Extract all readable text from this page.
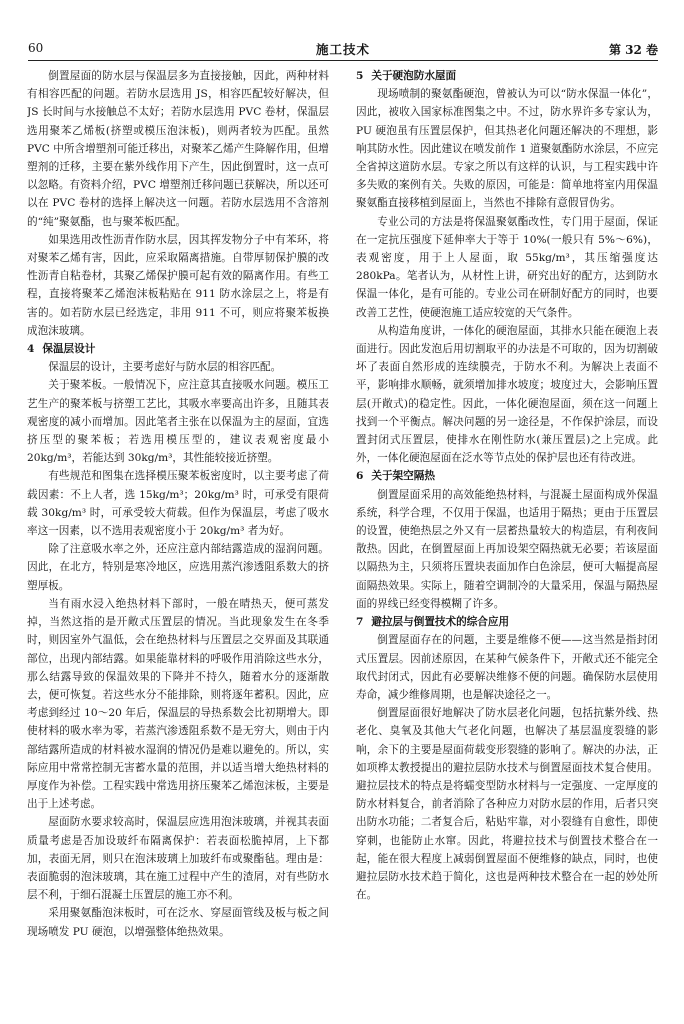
60	施工技术	第 32 卷

倒置屋面的防水层与保温层多为直接接触，因此，两种材料有相容匹配的问题。若防水层选用 JS，相容匹配较好解决，但 JS 长时间与水接触总不太好；若防水层选用 PVC 卷材，保温层选用聚苯乙烯板(挤塑或模压泡沫板)，则两者较为匹配。虽然 PVC 中所含增塑剂可能迁移出，对聚苯乙烯产生降解作用，但增塑剂的迁移，主要在紫外线作用下产生，因此倒置时，这一点可以忽略。有资料介绍，PVC 增塑剂迁移问题已获解决，所以还可以在 PVC 卷材的选择上解决这一问题。若防水层选用不含溶剂的“纯”聚氨酯，也与聚苯板匹配。

如果选用改性沥青作防水层，因其挥发物分子中有苯环，将对聚苯乙烯有害，因此，应采取隔离措施。自带厚韧保护膜的改性沥青自粘卷材，其聚乙烯保护膜可起有效的隔离作用。有些工程，直接将聚苯乙烯泡沫板粘贴在 911 防水涂层之上，将是有害的。如若防水层已经选定，非用 911 不可，则应将聚苯板换成泡沫玻璃。

4 保温层设计

保温层的设计，主要考虑好与防水层的相容匹配。

关于聚苯板。一般情况下，应注意其直接吸水问题。模压工艺生产的聚苯板与挤塑工艺比，其吸水率要高出许多，且随其表观密度的减小而增加。因此笔者主张在以保温为主的屋面，宜选挤压型的聚苯板；若选用模压型的，建议表观密度最小 20kg/m³，若能达到 30kg/m³，其性能较接近挤塑。

有些规范和图集在选择模压聚苯板密度时，以主要考虑了荷载因素：不上人者，选 15kg/m³；20kg/m³ 时，可承受有限荷载 30kg/m³ 时，可承受较大荷载。但作为保温层，考虑了吸水率这一因素，以不选用表观密度小于 20kg/m³ 者为好。

除了注意吸水率之外，还应注意内部结露造成的湿润问题。因此，在北方，特别是寒冷地区，应选用蒸汽渗透阻系数大的挤塑厚板。

当有雨水浸入绝热材料下部时，一般在晴热天，便可蒸发掉，当然这指的是开敞式压置层的情况。当此现象发生在冬季时，则因室外气温低，会在绝热材料与压置层之交界面及其联通部位，出现内部结露。如果能靠材料的呼吸作用消除这些水分，那么结露导致的保温效果的下降并不持久，随着水分的逐渐散去，便可恢复。若这些水分不能排除，则将逐年蓄积。因此，应考虑到经过 10～20 年后，保温层的导热系数会比初期增大。即使材料的吸水率为零，若蒸汽渗透阻系数不是无穷大，则由于内部结露所造成的材料被水湿润的情况仍是难以避免的。所以，实际应用中常常控制无害蓄水量的范围，并以适当增大绝热材料的厚度作为补偿。工程实践中常选用挤压聚苯乙烯泡沫板，主要是出于上述考虑。

屋面防水要求较高时，保温层应选用泡沫玻璃，并视其表面质量考虑是否加设玻纤布隔离保护：若表面松脆掉屑，上下都加，表面无屑，则只在泡沫玻璃上加玻纤布或聚酯毡。理由是：表面脆弱的泡沫玻璃，其在施工过程中产生的渣屑，对有些防水层不利，于细石混凝土压置层的施工亦不利。

采用聚氨酯泡沫板时，可在泛水、穿屋面管线及板与板之间现场喷发 PU 硬泡，以增强整体绝热效果。

5 关于硬泡防水屋面

现场喷制的聚氨酯硬泡，曾被认为可以“防水保温一体化”，因此，被收入国家标准图集之中。不过，防水界许多专家认为，PU 硬泡虽有压置层保护，但其热老化问题还解决的不理想，影响其防水性。因此建议在喷发前作 1 道聚氨酯防水涂层，不应完全省掉这道防水层。专家之所以有这样的认识，与工程实践中许多失败的案例有关。失败的原因，可能是：简单地将室内用保温聚氨酯直接移植到屋面上，当然也不排除有意假冒伪劣。

专业公司的方法是将保温聚氨酯改性，专门用于屋面，保证在一定抗压强度下延伸率大于等于 10%(一般只有 5%～6%)，表观密度，用于上人屋面，取 55kg/m³，其压缩强度达 280kPa。笔者认为，从材性上讲，研究出好的配方，达到防水保温一体化，是有可能的。专业公司在研制好配方的同时，也要改善工艺性，使硬泡施工适应较宽的天气条件。

从构造角度讲，一体化的硬泡屋面，其排水只能在硬泡上表面进行。因此发泡后用切割取平的办法是不可取的，因为切割破坏了表面自然形成的连续膜壳，于防水不利。为解决上表面不平，影响排水顺畅，就须增加排水坡度；坡度过大，会影响压置层(开敞式)的稳定性。因此，一体化硬泡屋面，须在这一问题上找到一个平衡点。解决问题的另一途径是，不作保护涂层，而设置封闭式压置层，使排水在刚性防水(兼压置层)之上完成。此外，一体化硬泡屋面在泛水等节点处的保护层也还有待改进。

6 关于架空隔热

倒置屋面采用的高效能绝热材料，与混凝土屋面构成外保温系统，科学合理，不仅用于保温，也适用于隔热；更由于压置层的设置，使绝热层之外又有一层蓄热量较大的构造层，有利夜间散热。因此，在倒置屋面上再加设架空隔热就无必要；若该屋面以隔热为主，只须将压置块表面加作白色涂层，便可大幅提高屋面隔热效果。实际上，随着空调制冷的大量采用，保温与隔热屋面的界线已经变得模糊了许多。

7 避拉层与倒置技术的综合应用

倒置屋面存在的问题，主要是维修不便——这当然是指封闭式压置层。因前述原因，在某种气候条件下，开敞式还不能完全取代封闭式，因此有必要解决维修不便的问题。确保防水层使用寿命，减少维修周期，也是解决途径之一。

倒置屋面很好地解决了防水层老化问题，包括抗紫外线、热老化、臭氧及其他大气老化问题，也解决了基层温度裂缝的影响，余下的主要是屋面荷载变形裂缝的影响了。解决的办法，正如项桦太教授提出的避拉层防水技术与倒置屋面技术复合使用。避拉层技术的特点是将蠕变型防水材料与一定强度、一定厚度的防水材料复合，前者消除了各种应力对防水层的作用，后者只突出防水功能；二者复合后，粘贴牢靠，对小裂缝有自愈性，即使穿刺，也能防止水窜。因此，将避拉技术与倒置技术整合在一起，能在很大程度上减弱倒置屋面不便维修的缺点，同时，也使避拉层防水技术趋于简化，这也是两种技术整合在一起的妙处所在。
